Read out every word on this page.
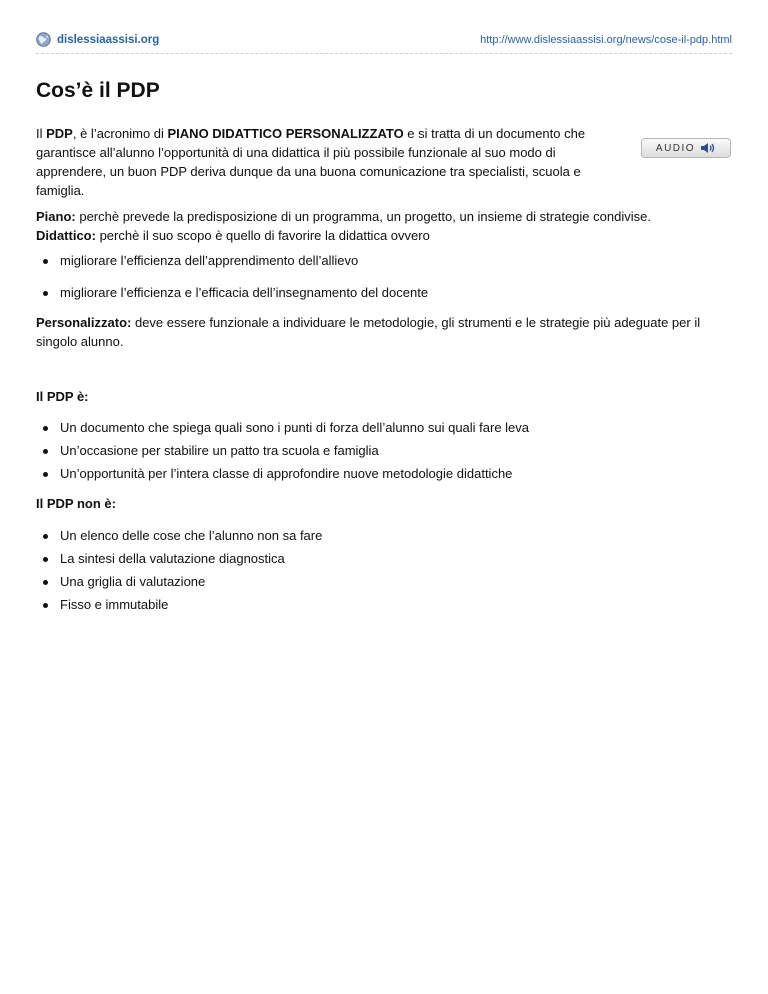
dislessiaassisi.org	http://www.dislessiaassisi.org/news/cose-il-pdp.html
Cos’è il PDP

Il PDP, è l’acronimo di PIANO DIDATTICO PERSONALIZZATO e si tratta di un documento che garantisce all’alunno l’opportunità di una didattica il più possibile funzionale al suo modo di apprendere, un buon PDP deriva dunque da una buona comunicazione tra specialisti, scuola e famiglia.

AUDIO

Piano: perchè prevede la predisposizione di un programma, un progetto, un insieme di strategie condivise.
Didattico: perchè il suo scopo è quello di favorire la didattica ovvero

migliorare l’efficienza dell’apprendimento dell’allievo
migliorare l’efficienza e l’efficacia dell’insegnamento del docente

Personalizzato: deve essere funzionale a individuare le metodologie, gli strumenti e le strategie più adeguate per il singolo alunno.

Il PDP è:

Un documento che spiega quali sono i punti di forza dell’alunno sui quali fare leva
Un’occasione per stabilire un patto tra scuola e famiglia
Un’opportunità per l’intera classe di approfondire nuove metodologie didattiche

Il PDP non è:

Un elenco delle cose che l’alunno non sa fare
La sintesi della valutazione diagnostica
Una griglia di valutazione
Fisso e immutabile
